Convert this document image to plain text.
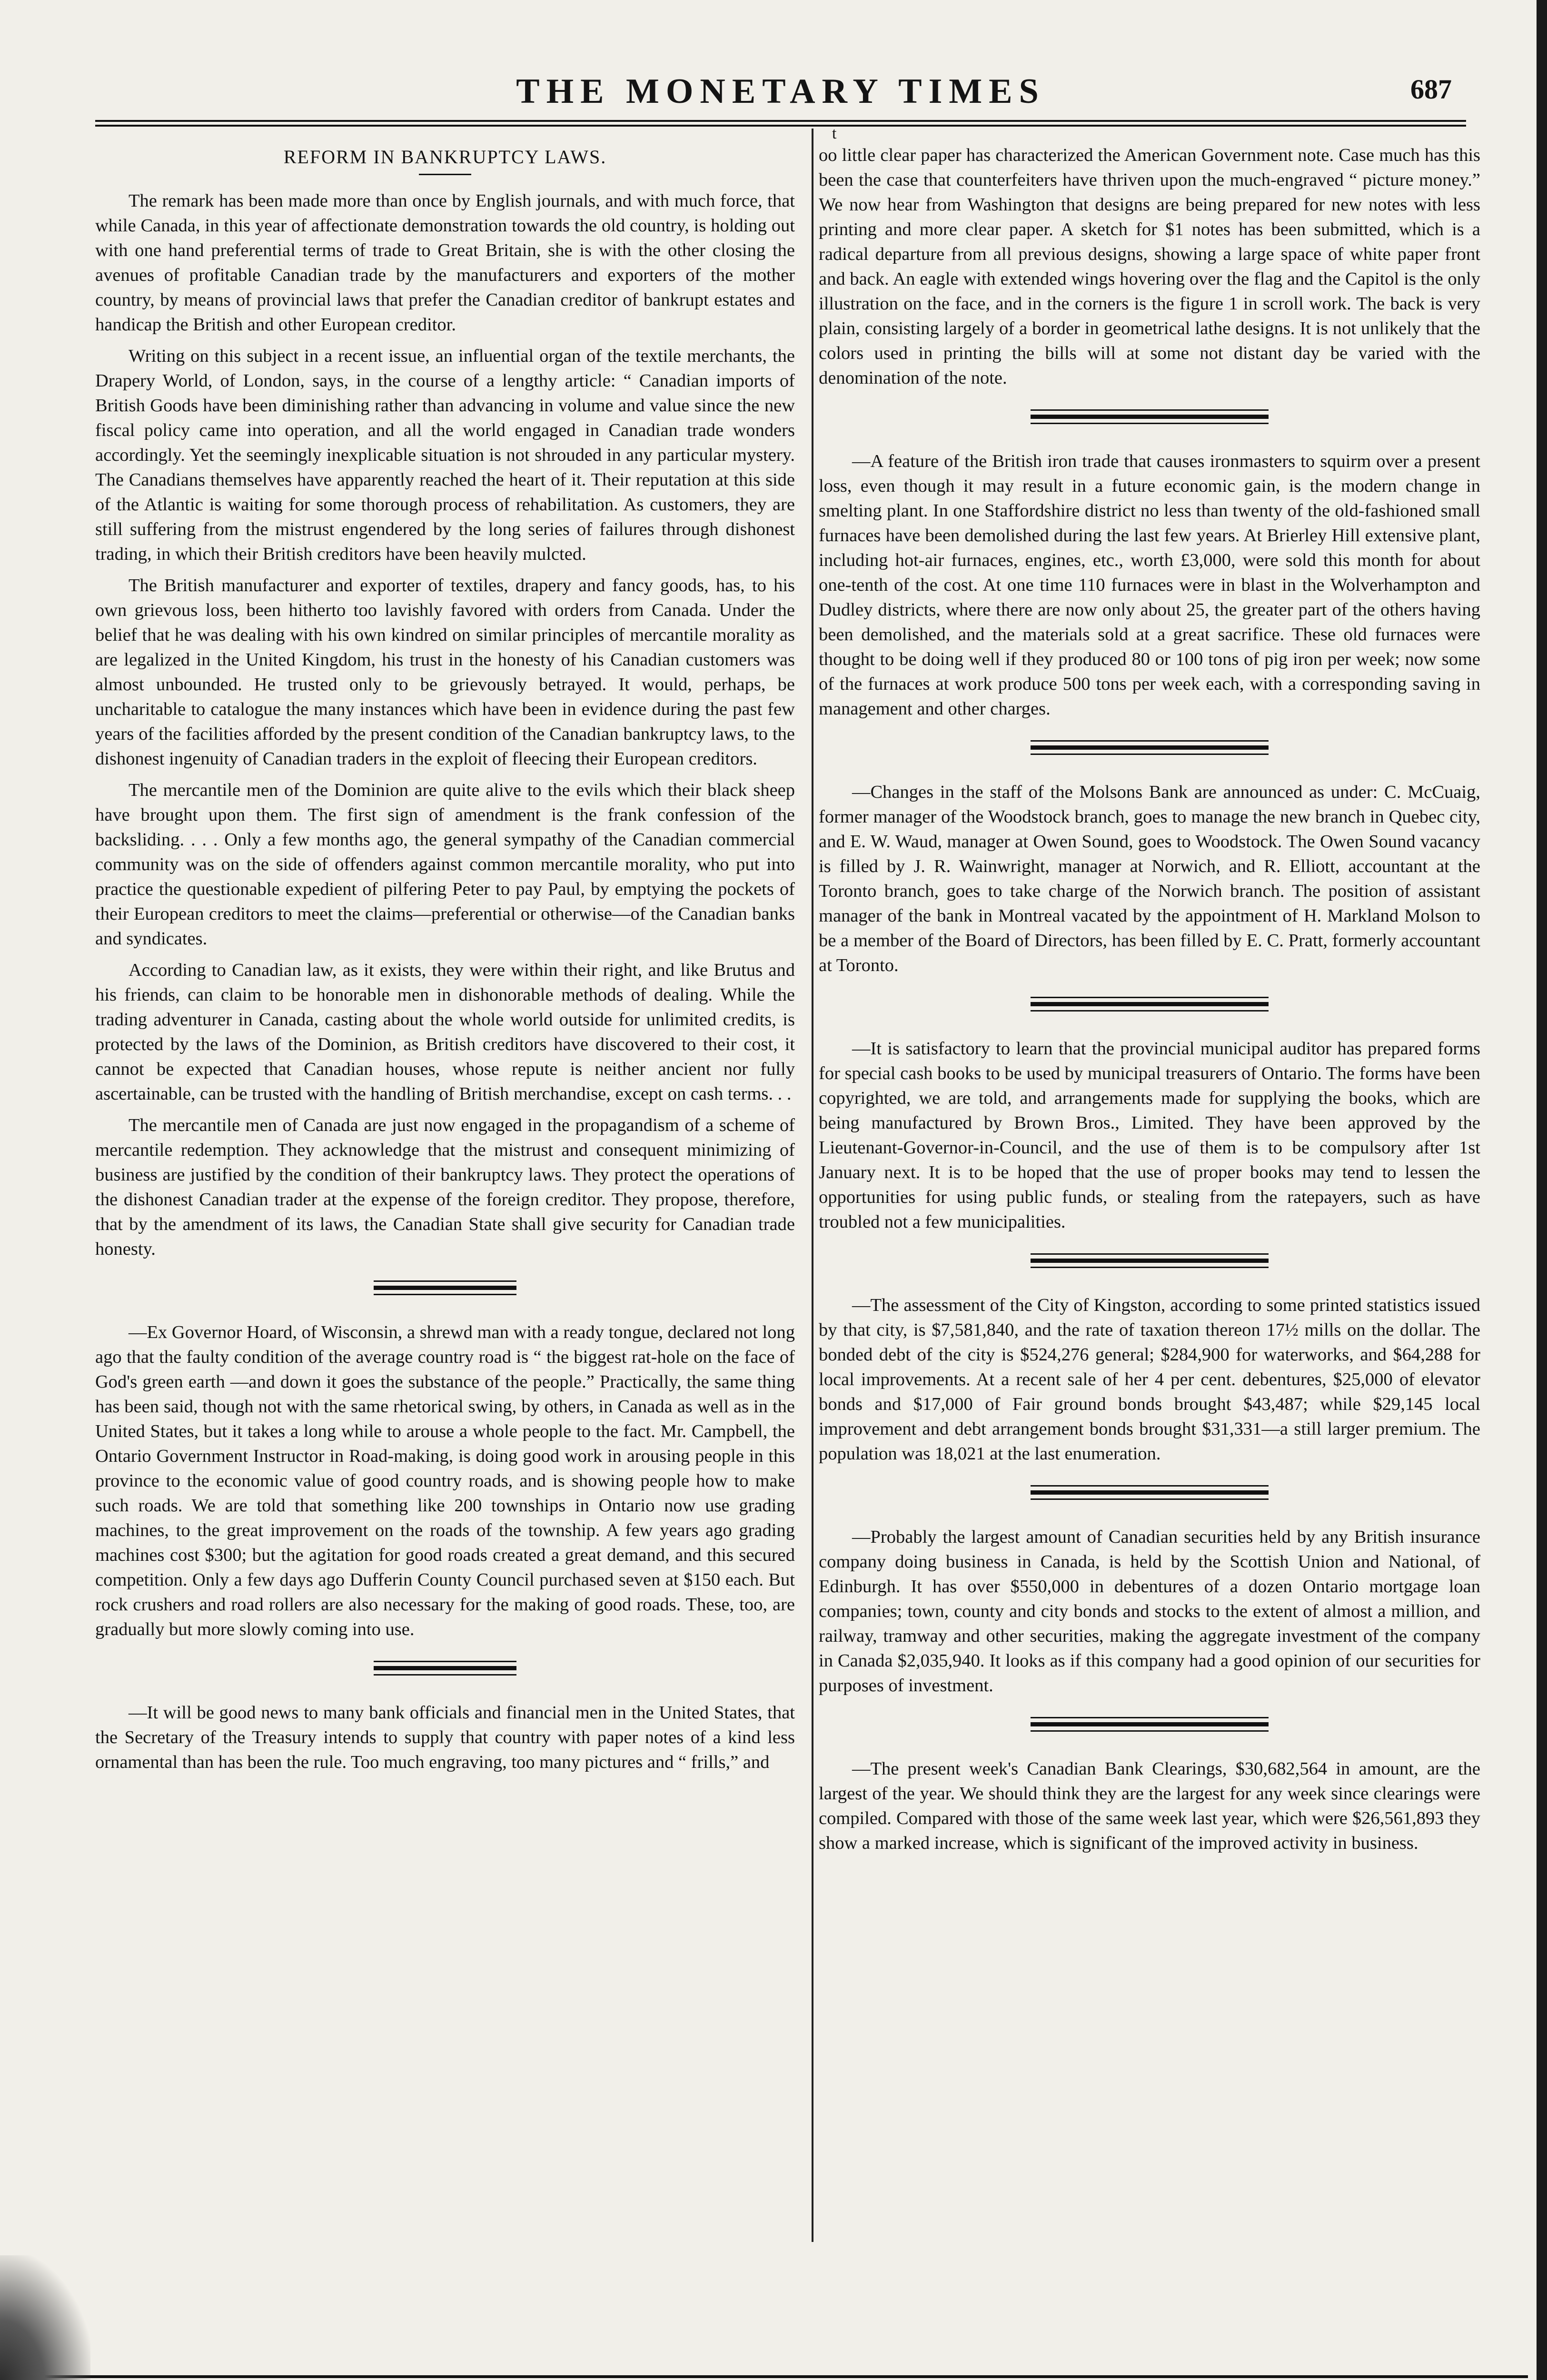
THE MONETARY TIMES	687
t
REFORM IN BANKRUPTCY LAWS.

The remark has been made more than once by English journals, and with much force, that while Canada, in this year of affectionate demonstration towards the old country, is holding out with one hand preferential terms of trade to Great Britain, she is with the other closing the avenues of profitable Canadian trade by the manufacturers and exporters of the mother country, by means of provincial laws that prefer the Canadian creditor of bankrupt estates and handicap the British and other European creditor.

Writing on this subject in a recent issue, an influential organ of the textile merchants, the Drapery World, of London, says, in the course of a lengthy article: “ Canadian imports of British Goods have been diminishing rather than advancing in volume and value since the new fiscal policy came into operation, and all the world engaged in Canadian trade wonders accordingly. Yet the seemingly inexplicable situation is not shrouded in any particular mystery. The Canadians themselves have apparently reached the heart of it. Their reputation at this side of the Atlantic is waiting for some thorough process of rehabilitation. As customers, they are still suffering from the mistrust engendered by the long series of failures through dishonest trading, in which their British creditors have been heavily mulcted.

The British manufacturer and exporter of textiles, drapery and fancy goods, has, to his own grievous loss, been hitherto too lavishly favored with orders from Canada. Under the belief that he was dealing with his own kindred on similar principles of mercantile morality as are legalized in the United Kingdom, his trust in the honesty of his Canadian customers was almost unbounded. He trusted only to be grievously betrayed. It would, perhaps, be uncharitable to catalogue the many instances which have been in evidence during the past few years of the facilities afforded by the present condition of the Canadian bankruptcy laws, to the dishonest ingenuity of Canadian traders in the exploit of fleecing their European creditors.

The mercantile men of the Dominion are quite alive to the evils which their black sheep have brought upon them. The first sign of amendment is the frank confession of the backsliding. . . . Only a few months ago, the general sympathy of the Canadian commercial community was on the side of offenders against common mercantile morality, who put into practice the questionable expedient of pilfering Peter to pay Paul, by emptying the pockets of their European creditors to meet the claims—preferential or otherwise—of the Canadian banks and syndicates.

According to Canadian law, as it exists, they were within their right, and like Brutus and his friends, can claim to be honorable men in dishonorable methods of dealing. While the trading adventurer in Canada, casting about the whole world outside for unlimited credits, is protected by the laws of the Dominion, as British creditors have discovered to their cost, it cannot be expected that Canadian houses, whose repute is neither ancient nor fully ascertainable, can be trusted with the handling of British merchandise, except on cash terms. . .

The mercantile men of Canada are just now engaged in the propagandism of a scheme of mercantile redemption. They acknowledge that the mistrust and consequent minimizing of business are justified by the condition of their bankruptcy laws. They protect the operations of the dishonest Canadian trader at the expense of the foreign creditor. They propose, therefore, that by the amendment of its laws, the Canadian State shall give security for Canadian trade honesty.

—Ex Governor Hoard, of Wisconsin, a shrewd man with a ready tongue, declared not long ago that the faulty condition of the average country road is “ the biggest rat-hole on the face of God's green earth —and down it goes the substance of the people.” Practically, the same thing has been said, though not with the same rhetorical swing, by others, in Canada as well as in the United States, but it takes a long while to arouse a whole people to the fact. Mr. Campbell, the Ontario Government Instructor in Road-making, is doing good work in arousing people in this province to the economic value of good country roads, and is showing people how to make such roads. We are told that something like 200 townships in Ontario now use grading machines, to the great improvement on the roads of the township. A few years ago grading machines cost $300; but the agitation for good roads created a great demand, and this secured competition. Only a few days ago Dufferin County Council purchased seven at $150 each. But rock crushers and road rollers are also necessary for the making of good roads. These, too, are gradually but more slowly coming into use.

—It will be good news to many bank officials and financial men in the United States, that the Secretary of the Treasury intends to supply that country with paper notes of a kind less ornamental than has been the rule. Too much engraving, too many pictures and “ frills,” and

oo little clear paper has characterized the American Government note. Case much has this been the case that counterfeiters have thriven upon the much-engraved “ picture money.” We now hear from Washington that designs are being prepared for new notes with less printing and more clear paper. A sketch for $1 notes has been submitted, which is a radical departure from all previous designs, showing a large space of white paper front and back. An eagle with extended wings hovering over the flag and the Capitol is the only illustration on the face, and in the corners is the figure 1 in scroll work. The back is very plain, consisting largely of a border in geometrical lathe designs. It is not unlikely that the colors used in printing the bills will at some not distant day be varied with the denomination of the note.

—A feature of the British iron trade that causes ironmasters to squirm over a present loss, even though it may result in a future economic gain, is the modern change in smelting plant. In one Staffordshire district no less than twenty of the old-fashioned small furnaces have been demolished during the last few years. At Brierley Hill extensive plant, including hot-air furnaces, engines, etc., worth £3,000, were sold this month for about one-tenth of the cost. At one time 110 furnaces were in blast in the Wolverhampton and Dudley districts, where there are now only about 25, the greater part of the others having been demolished, and the materials sold at a great sacrifice. These old furnaces were thought to be doing well if they produced 80 or 100 tons of pig iron per week; now some of the furnaces at work produce 500 tons per week each, with a corresponding saving in management and other charges.

—Changes in the staff of the Molsons Bank are announced as under: C. McCuaig, former manager of the Woodstock branch, goes to manage the new branch in Quebec city, and E. W. Waud, manager at Owen Sound, goes to Woodstock. The Owen Sound vacancy is filled by J. R. Wainwright, manager at Norwich, and R. Elliott, accountant at the Toronto branch, goes to take charge of the Norwich branch. The position of assistant manager of the bank in Montreal vacated by the appointment of H. Markland Molson to be a member of the Board of Directors, has been filled by E. C. Pratt, formerly accountant at Toronto.

—It is satisfactory to learn that the provincial municipal auditor has prepared forms for special cash books to be used by municipal treasurers of Ontario. The forms have been copyrighted, we are told, and arrangements made for supplying the books, which are being manufactured by Brown Bros., Limited. They have been approved by the Lieutenant-Governor-in-Council, and the use of them is to be compulsory after 1st January next. It is to be hoped that the use of proper books may tend to lessen the opportunities for using public funds, or stealing from the ratepayers, such as have troubled not a few municipalities.

—The assessment of the City of Kingston, according to some printed statistics issued by that city, is $7,581,840, and the rate of taxation thereon 17½ mills on the dollar. The bonded debt of the city is $524,276 general; $284,900 for waterworks, and $64,288 for local improvements. At a recent sale of her 4 per cent. debentures, $25,000 of elevator bonds and $17,000 of Fair ground bonds brought $43,487; while $29,145 local improvement and debt arrangement bonds brought $31,331—a still larger premium. The population was 18,021 at the last enumeration.

—Probably the largest amount of Canadian securities held by any British insurance company doing business in Canada, is held by the Scottish Union and National, of Edinburgh. It has over $550,000 in debentures of a dozen Ontario mortgage loan companies; town, county and city bonds and stocks to the extent of almost a million, and railway, tramway and other securities, making the aggregate investment of the company in Canada $2,035,940. It looks as if this company had a good opinion of our securities for purposes of investment.

—The present week's Canadian Bank Clearings, $30,682,564 in amount, are the largest of the year. We should think they are the largest for any week since clearings were compiled. Compared with those of the same week last year, which were $26,561,893 they show a marked increase, which is significant of the improved activity in business.
